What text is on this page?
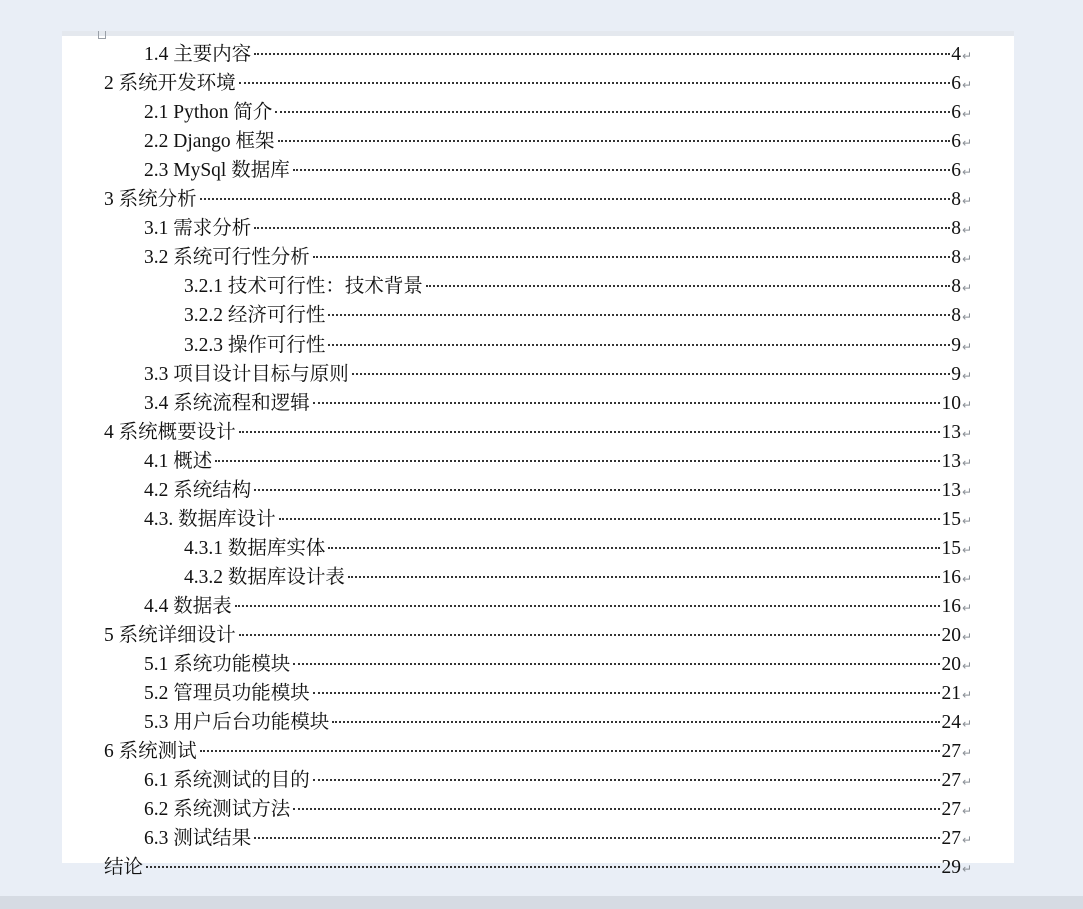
1.4 主要内容	4 ↵
2 系统开发环境	6 ↵
2.1 Python 简介	6 ↵
2.2 Django 框架	6 ↵
2.3 MySql 数据库	6 ↵
3 系统分析	8 ↵
3.1 需求分析	8 ↵
3.2 系统可行性分析	8 ↵
3.2.1 技术可行性：技术背景	8 ↵
3.2.2 经济可行性	8 ↵
3.2.3 操作可行性	9 ↵
3.3 项目设计目标与原则	9 ↵
3.4 系统流程和逻辑	10 ↵
4 系统概要设计	13 ↵
4.1 概述	13 ↵
4.2 系统结构	13 ↵
4.3. 数据库设计	15 ↵
4.3.1 数据库实体	15 ↵
4.3.2 数据库设计表	16 ↵
4.4 数据表	16 ↵
5 系统详细设计	20 ↵
5.1 系统功能模块	20 ↵
5.2 管理员功能模块	21 ↵
5.3 用户后台功能模块	24 ↵
6 系统测试	27 ↵
6.1 系统测试的目的	27 ↵
6.2 系统测试方法	27 ↵
6.3 测试结果	27 ↵
结论	29 ↵
